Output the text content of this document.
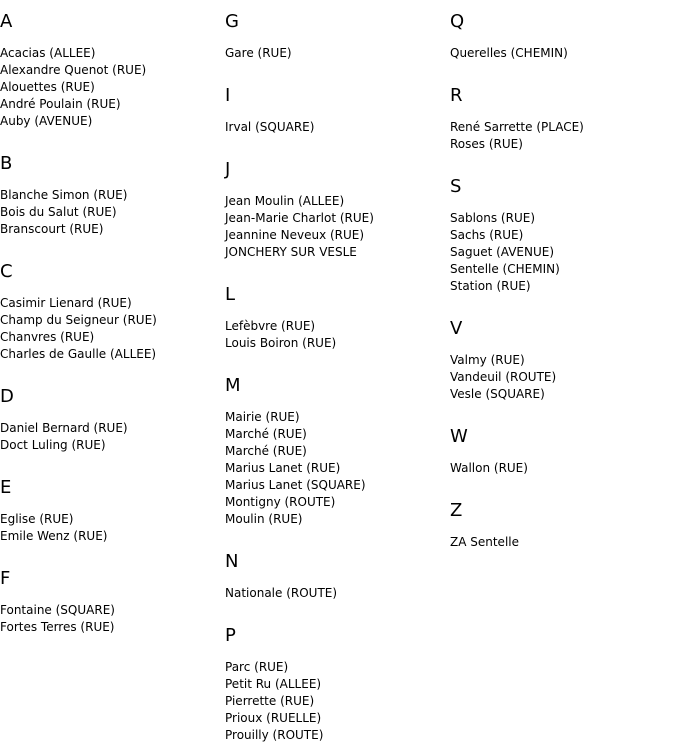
A
Acacias (ALLEE)
Alexandre Quenot (RUE)
Alouettes (RUE)
André Poulain (RUE)
Auby (AVENUE)
B
Blanche Simon (RUE)
Bois du Salut (RUE)
Branscourt (RUE)
C
Casimir Lienard (RUE)
Champ du Seigneur (RUE)
Chanvres (RUE)
Charles de Gaulle (ALLEE)
D
Daniel Bernard (RUE)
Doct Luling (RUE)
E
Eglise (RUE)
Emile Wenz (RUE)
F
Fontaine (SQUARE)
Fortes Terres (RUE)
G
Gare (RUE)
I
Irval (SQUARE)
J
Jean Moulin (ALLEE)
Jean-Marie Charlot (RUE)
Jeannine Neveux (RUE)
JONCHERY SUR VESLE
L
Lefèbvre (RUE)
Louis Boiron (RUE)
M
Mairie (RUE)
Marché (RUE)
Marché (RUE)
Marius Lanet (RUE)
Marius Lanet (SQUARE)
Montigny (ROUTE)
Moulin (RUE)
N
Nationale (ROUTE)
P
Parc (RUE)
Petit Ru (ALLEE)
Pierrette (RUE)
Prioux (RUELLE)
Prouilly (ROUTE)
Q
Querelles (CHEMIN)
R
René Sarrette (PLACE)
Roses (RUE)
S
Sablons (RUE)
Sachs (RUE)
Saguet (AVENUE)
Sentelle (CHEMIN)
Station (RUE)
V
Valmy (RUE)
Vandeuil (ROUTE)
Vesle (SQUARE)
W
Wallon (RUE)
Z
ZA Sentelle
